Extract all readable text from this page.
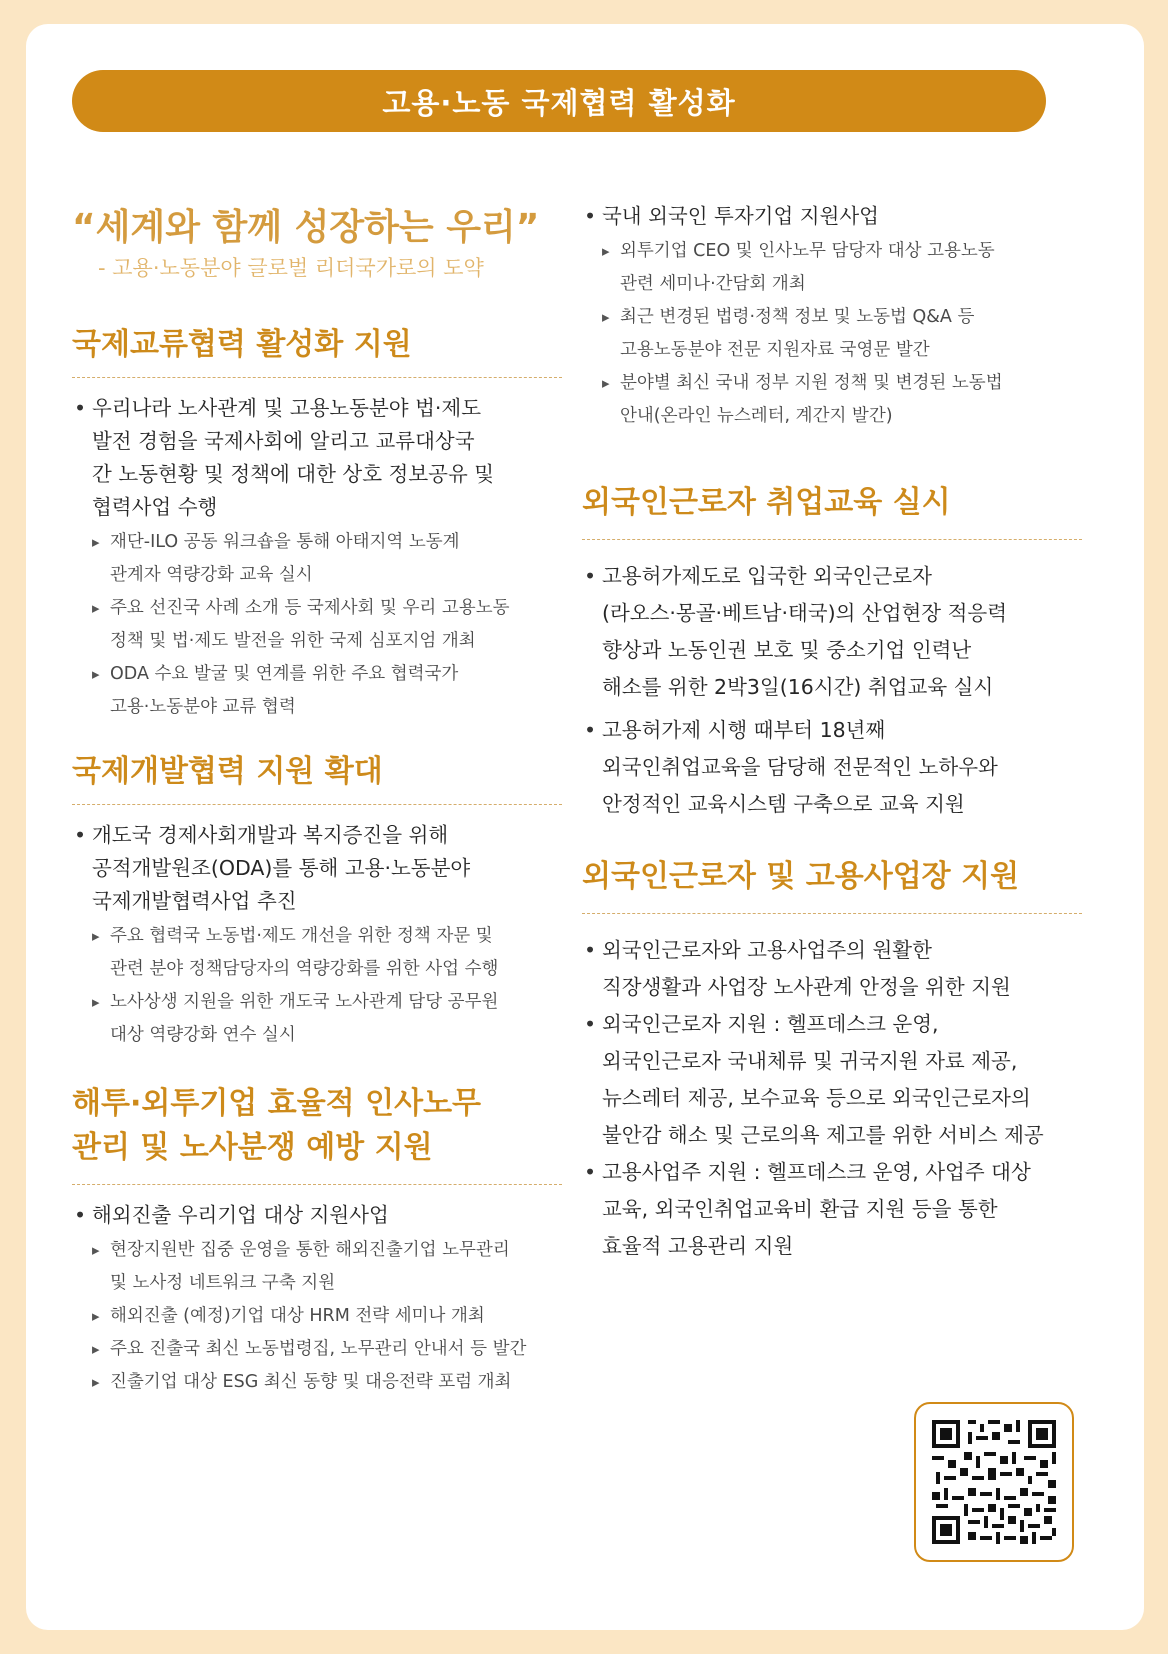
고용·노동 국제협력 활성화
“세계와 함께 성장하는 우리”
- 고용·노동분야 글로벌 리더국가로의 도약
국제교류협력 활성화 지원
• 우리나라 노사관계 및 고용노동분야 법·제도
발전 경험을 국제사회에 알리고 교류대상국
간 노동현황 및 정책에 대한 상호 정보공유 및
협력사업 수행
▸ 재단-ILO 공동 워크숍을 통해 아태지역 노동계
관계자 역량강화 교육 실시
▸ 주요 선진국 사례 소개 등 국제사회 및 우리 고용노동
정책 및 법·제도 발전을 위한 국제 심포지엄 개최
▸ ODA 수요 발굴 및 연계를 위한 주요 협력국가
고용·노동분야 교류 협력
국제개발협력 지원 확대
• 개도국 경제사회개발과 복지증진을 위해
공적개발원조(ODA)를 통해 고용·노동분야
국제개발협력사업 추진
▸ 주요 협력국 노동법·제도 개선을 위한 정책 자문 및
관련 분야 정책담당자의 역량강화를 위한 사업 수행
▸ 노사상생 지원을 위한 개도국 노사관계 담당 공무원
대상 역량강화 연수 실시
해투·외투기업 효율적 인사노무
관리 및 노사분쟁 예방 지원
• 해외진출 우리기업 대상 지원사업
▸ 현장지원반 집중 운영을 통한 해외진출기업 노무관리
및 노사정 네트워크 구축 지원
▸ 해외진출 (예정)기업 대상 HRM 전략 세미나 개최
▸ 주요 진출국 최신 노동법령집, 노무관리 안내서 등 발간
▸ 진출기업 대상 ESG 최신 동향 및 대응전략 포럼 개최
• 국내 외국인 투자기업 지원사업
▸ 외투기업 CEO 및 인사노무 담당자 대상 고용노동
관련 세미나·간담회 개최
▸ 최근 변경된 법령·정책 정보 및 노동법 Q&A 등
고용노동분야 전문 지원자료 국영문 발간
▸ 분야별 최신 국내 정부 지원 정책 및 변경된 노동법
안내(온라인 뉴스레터, 계간지 발간)
외국인근로자 취업교육 실시
• 고용허가제도로 입국한 외국인근로자
(라오스·몽골·베트남·태국)의 산업현장 적응력
향상과 노동인권 보호 및 중소기업 인력난
해소를 위한 2박3일(16시간) 취업교육 실시
• 고용허가제 시행 때부터 18년째
외국인취업교육을 담당해 전문적인 노하우와
안정적인 교육시스템 구축으로 교육 지원
외국인근로자 및 고용사업장 지원
• 외국인근로자와 고용사업주의 원활한
직장생활과 사업장 노사관계 안정을 위한 지원
• 외국인근로자 지원 : 헬프데스크 운영,
외국인근로자 국내체류 및 귀국지원 자료 제공,
뉴스레터 제공, 보수교육 등으로 외국인근로자의
불안감 해소 및 근로의욕 제고를 위한 서비스 제공
• 고용사업주 지원 : 헬프데스크 운영, 사업주 대상
교육, 외국인취업교육비 환급 지원 등을 통한
효율적 고용관리 지원
